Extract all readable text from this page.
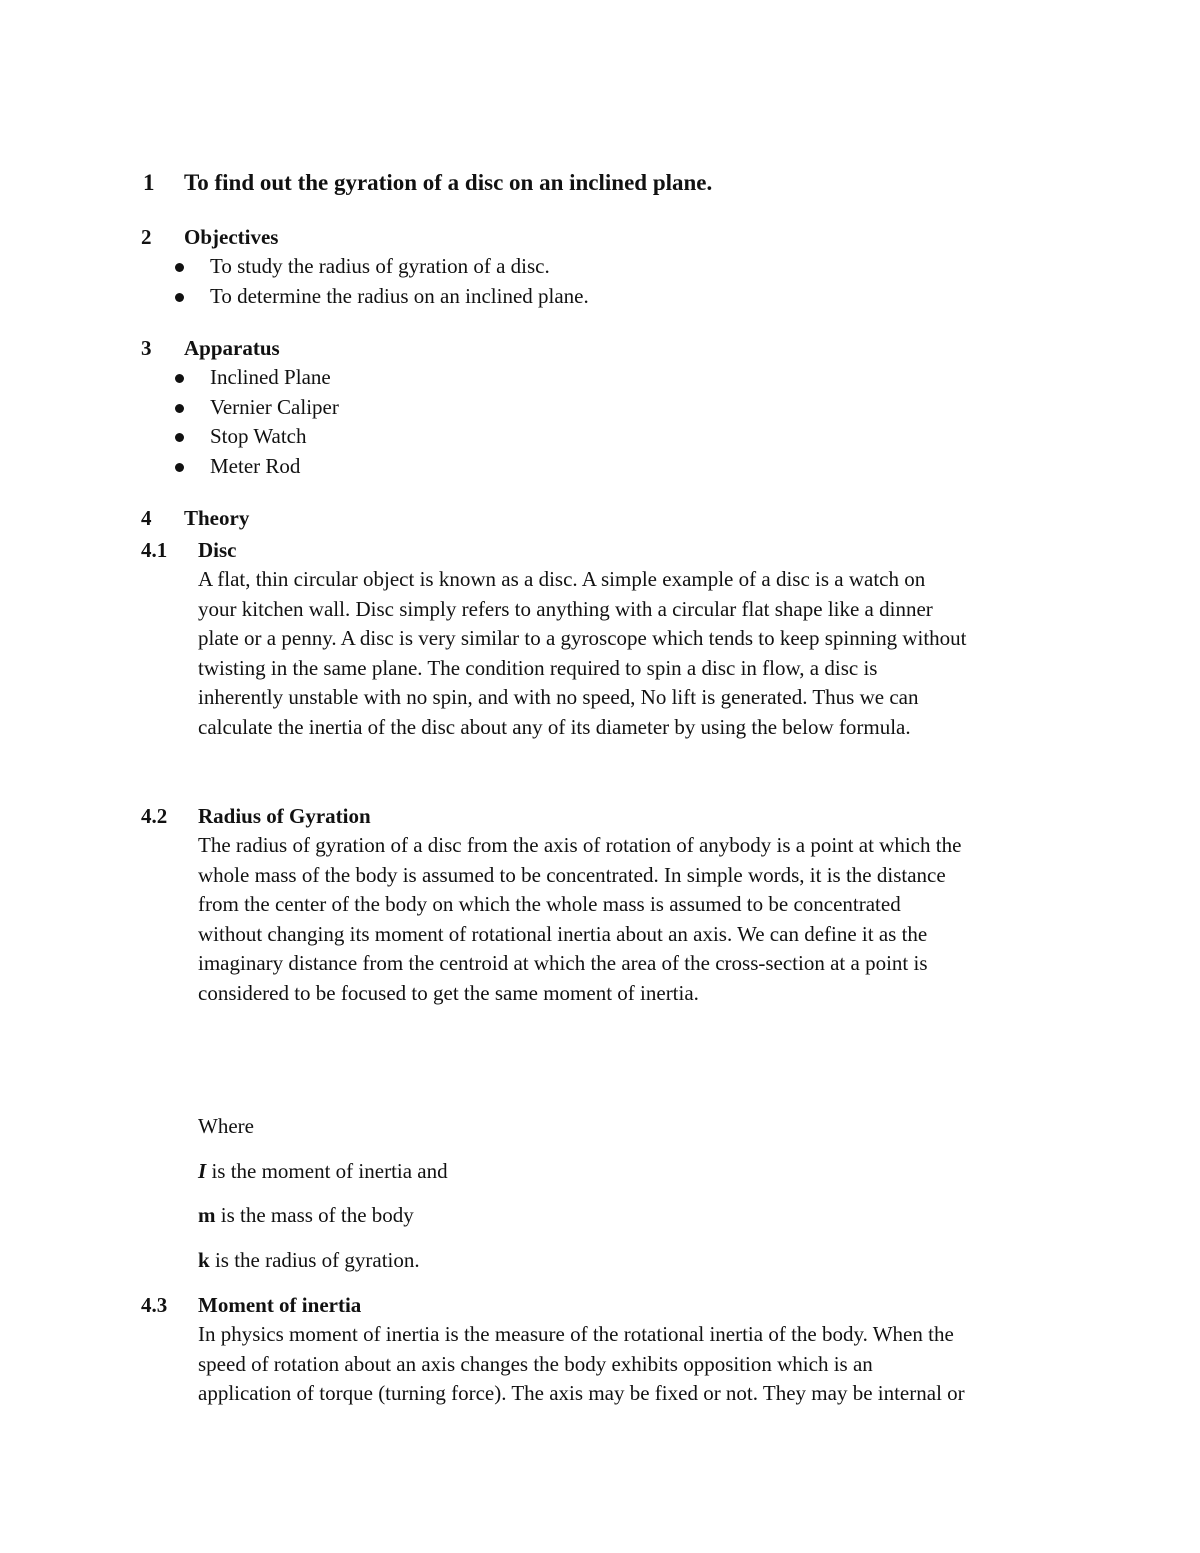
1 To find out the gyration of a disc on an inclined plane.
2 Objectives
To study the radius of gyration of a disc.
To determine the radius on an inclined plane.
3 Apparatus
Inclined Plane
Vernier Caliper
Stop Watch
Meter Rod
4 Theory
4.1 Disc
A flat, thin circular object is known as a disc. A simple example of a disc is a watch on
your kitchen wall. Disc simply refers to anything with a circular flat shape like a dinner
plate or a penny. A disc is very similar to a gyroscope which tends to keep spinning without
twisting in the same plane. The condition required to spin a disc in flow, a disc is
inherently unstable with no spin, and with no speed, No lift is generated. Thus we can
calculate the inertia of the disc about any of its diameter by using the below formula.
4.2 Radius of Gyration
The radius of gyration of a disc from the axis of rotation of anybody is a point at which the
whole mass of the body is assumed to be concentrated. In simple words, it is the distance
from the center of the body on which the whole mass is assumed to be concentrated
without changing its moment of rotational inertia about an axis. We can define it as the
imaginary distance from the centroid at which the area of the cross-section at a point is
considered to be focused to get the same moment of inertia.
Where
I is the moment of inertia and
m is the mass of the body
k is the radius of gyration.
4.3 Moment of inertia
In physics moment of inertia is the measure of the rotational inertia of the body. When the
speed of rotation about an axis changes the body exhibits opposition which is an
application of torque (turning force). The axis may be fixed or not. They may be internal or
